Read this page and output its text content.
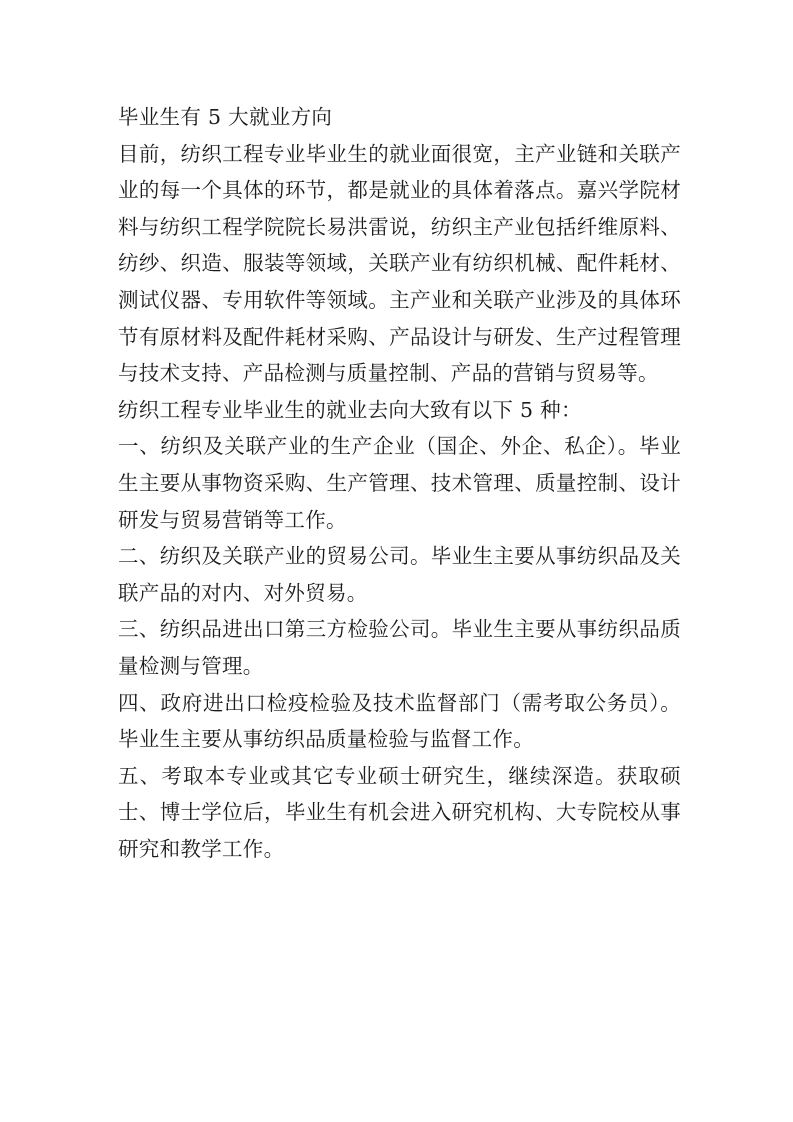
毕业生有 5 大就业方向

目前，纺织工程专业毕业生的就业面很宽，主产业链和关联产业的每一个具体的环节，都是就业的具体着落点。嘉兴学院材料与纺织工程学院院长易洪雷说，纺织主产业包括纤维原料、纺纱、织造、服装等领域，关联产业有纺织机械、配件耗材、测试仪器、专用软件等领域。主产业和关联产业涉及的具体环节有原材料及配件耗材采购、产品设计与研发、生产过程管理与技术支持、产品检测与质量控制、产品的营销与贸易等。

纺织工程专业毕业生的就业去向大致有以下 5 种：

一、纺织及关联产业的生产企业（国企、外企、私企）。毕业生主要从事物资采购、生产管理、技术管理、质量控制、设计研发与贸易营销等工作。

二、纺织及关联产业的贸易公司。毕业生主要从事纺织品及关联产品的对内、对外贸易。

三、纺织品进出口第三方检验公司。毕业生主要从事纺织品质量检测与管理。

四、政府进出口检疫检验及技术监督部门（需考取公务员）。毕业生主要从事纺织品质量检验与监督工作。

五、考取本专业或其它专业硕士研究生，继续深造。获取硕士、博士学位后，毕业生有机会进入研究机构、大专院校从事研究和教学工作。
